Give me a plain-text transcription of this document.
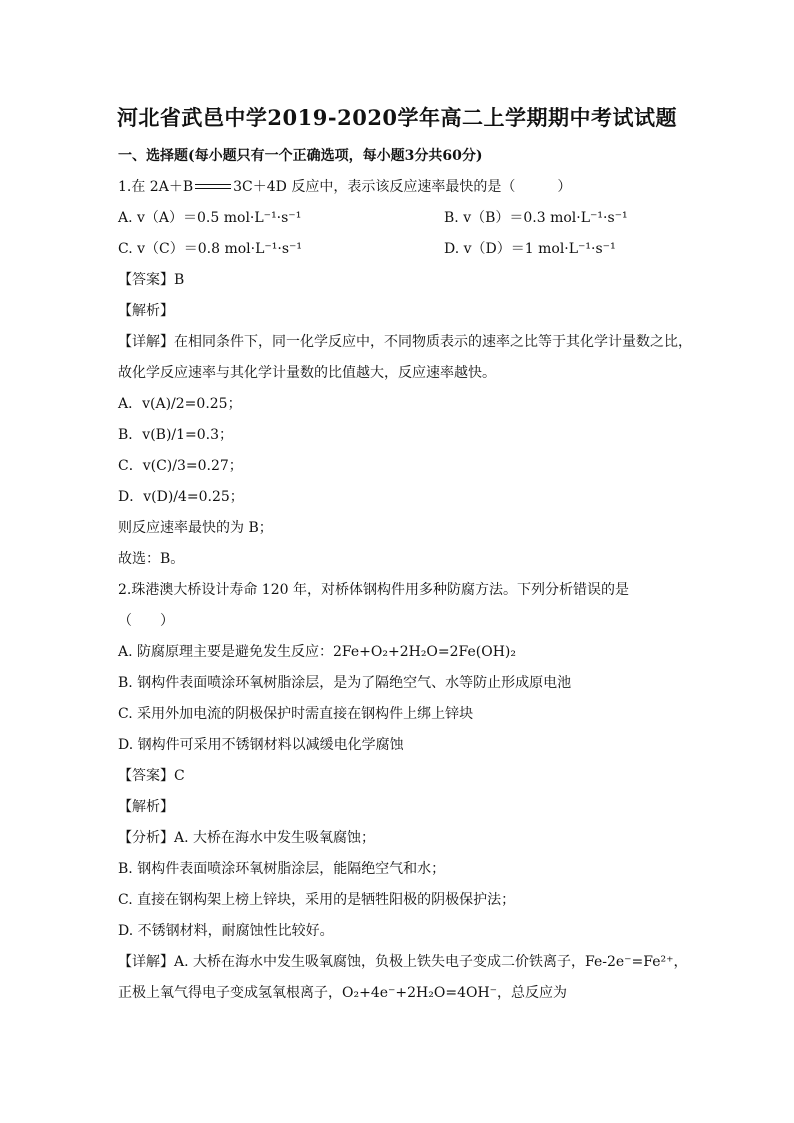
河北省武邑中学2019-2020学年高二上学期期中考试试题
一、选择题(每小题只有一个正确选项，每小题3分共60分)
1.在 2A＋B	3C＋4D 反应中，表示该反应速率最快的是（　　　）
A. v（A）＝0.5 mol·L⁻¹·s⁻¹	B. v（B）＝0.3 mol·L⁻¹·s⁻¹
C. v（C）＝0.8 mol·L⁻¹·s⁻¹	D. v（D）＝1 mol·L⁻¹·s⁻¹
【答案】B
【解析】
【详解】在相同条件下，同一化学反应中，不同物质表示的速率之比等于其化学计量数之比，
故化学反应速率与其化学计量数的比值越大，反应速率越快。
A．v(A)/2=0.25；
B．v(B)/1=0.3；
C．v(C)/3=0.27；
D．v(D)/4=0.25；
则反应速率最快的为 B；
故选：B。
2.珠港澳大桥设计寿命 120 年，对桥体钢构件用多种防腐方法。下列分析错误的是
（　　）
A. 防腐原理主要是避免发生反应：2Fe+O₂+2H₂O=2Fe(OH)₂
B. 钢构件表面喷涂环氧树脂涂层，是为了隔绝空气、水等防止形成原电池
C. 采用外加电流的阴极保护时需直接在钢构件上绑上锌块
D. 钢构件可采用不锈钢材料以减缓电化学腐蚀
【答案】C
【解析】
【分析】A. 大桥在海水中发生吸氧腐蚀；
B. 钢构件表面喷涂环氧树脂涂层，能隔绝空气和水；
C. 直接在钢构架上榜上锌块，采用的是牺牲阳极的阴极保护法；
D. 不锈钢材料，耐腐蚀性比较好。
【详解】A. 大桥在海水中发生吸氧腐蚀，负极上铁失电子变成二价铁离子，Fe-2e⁻=Fe²⁺，
正极上氧气得电子变成氢氧根离子，O₂+4e⁻+2H₂O=4OH⁻，总反应为
